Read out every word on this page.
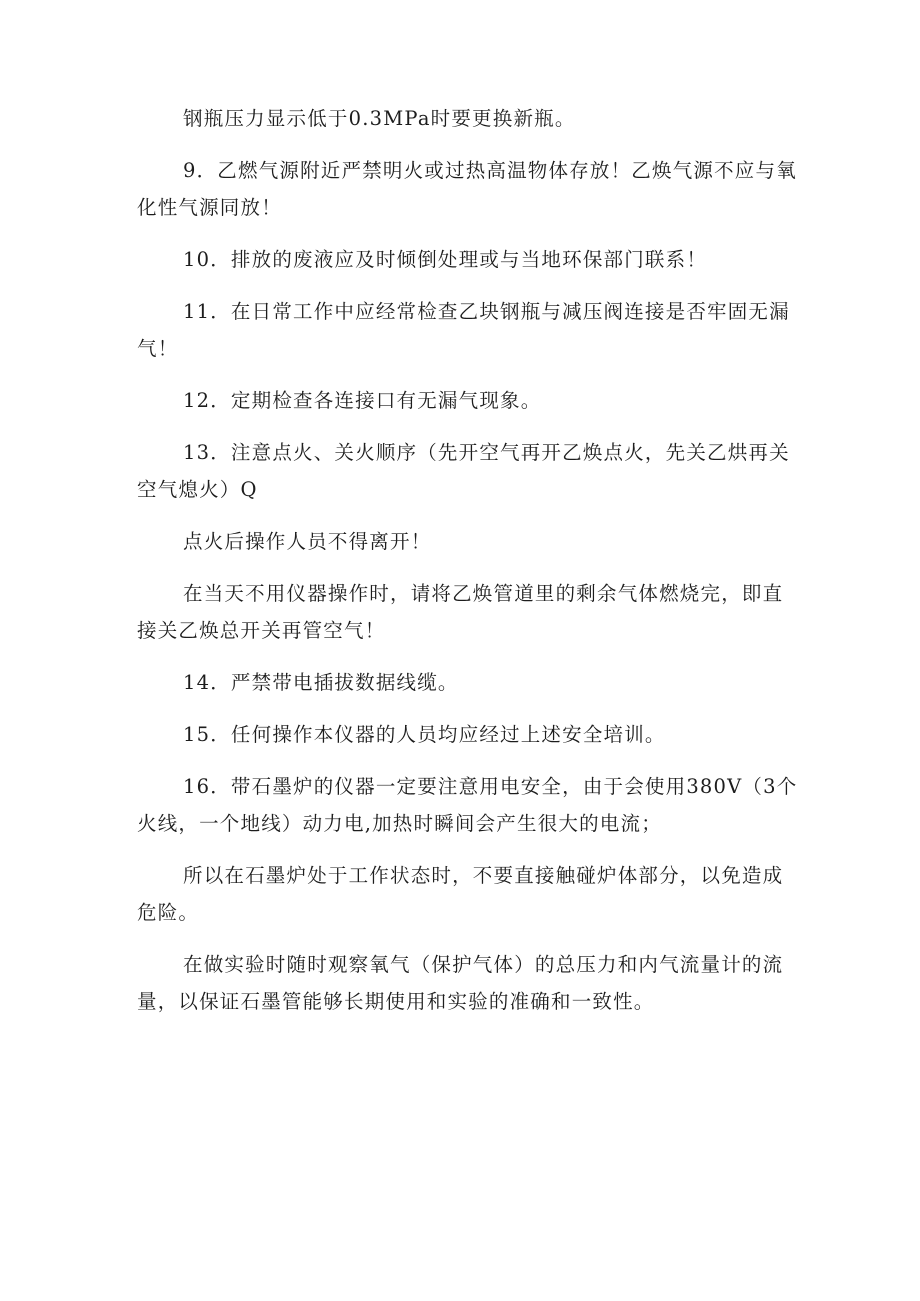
钢瓶压力显示低于0.3MPa时要更换新瓶。

9．乙燃气源附近严禁明火或过热高温物体存放！乙焕气源不应与氧化性气源同放！

10．排放的废液应及时倾倒处理或与当地环保部门联系！

11．在日常工作中应经常检查乙块钢瓶与减压阀连接是否牢固无漏气！

12．定期检查各连接口有无漏气现象。

13．注意点火、关火顺序（先开空气再开乙焕点火，先关乙烘再关空气熄火）Q

点火后操作人员不得离开！

在当天不用仪器操作时，请将乙焕管道里的剩余气体燃烧完，即直接关乙焕总开关再管空气！

14．严禁带电插拔数据线缆。

15．任何操作本仪器的人员均应经过上述安全培训。

16．带石墨炉的仪器一定要注意用电安全，由于会使用380V（3个火线，一个地线）动力电,加热时瞬间会产生很大的电流；

所以在石墨炉处于工作状态时，不要直接触碰炉体部分，以免造成危险。

在做实验时随时观察氧气（保护气体）的总压力和内气流量计的流量，以保证石墨管能够长期使用和实验的准确和一致性。
